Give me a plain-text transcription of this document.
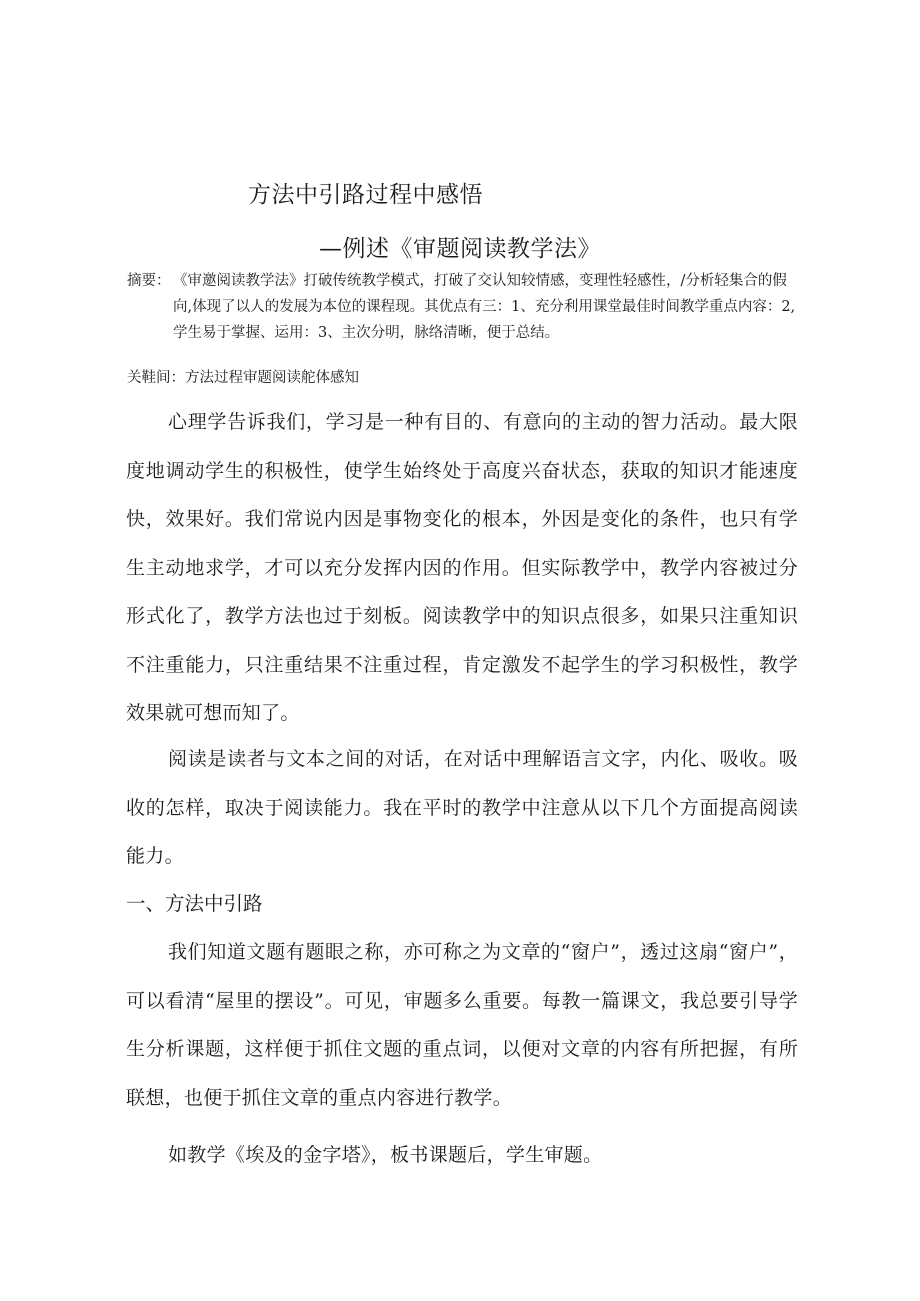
方法中引路过程中感悟
—例述《审题阅读教学法》
摘要： 《审邀阅读教学法》打破传统教学模式，打破了交认知较情感，变理性轻感性，/分析轻集合的假向,体现了以人的发展为本位的课程现。其优点有三：1、充分利用课堂最佳时间教学重点内容：2,学生易于掌握、运用：3、主次分明，脉络清晰，便于总结。
关鞋间：方法过程审题阅读舵体感知
心理学告诉我们，学习是一种有目的、有意向的主动的智力活动。最大限度地调动学生的积极性，使学生始终处于高度兴奋状态，获取的知识才能速度快，效果好。我们常说内因是事物变化的根本，外因是变化的条件，也只有学生主动地求学，才可以充分发挥内因的作用。但实际教学中，教学内容被过分形式化了，教学方法也过于刻板。阅读教学中的知识点很多，如果只注重知识不注重能力，只注重结果不注重过程，肯定激发不起学生的学习积极性，教学效果就可想而知了。
阅读是读者与文本之间的对话，在对话中理解语言文字，内化、吸收。吸收的怎样，取决于阅读能力。我在平时的教学中注意从以下几个方面提高阅读能力。
一、方法中引路
我们知道文题有题眼之称，亦可称之为文章的“窗户”，透过这扇“窗户”，可以看清“屋里的摆设”。可见，审题多么重要。每教一篇课文，我总要引导学生分析课题，这样便于抓住文题的重点词，以便对文章的内容有所把握，有所联想，也便于抓住文章的重点内容进行教学。
如教学《埃及的金字塔》，板书课题后，学生审题。
